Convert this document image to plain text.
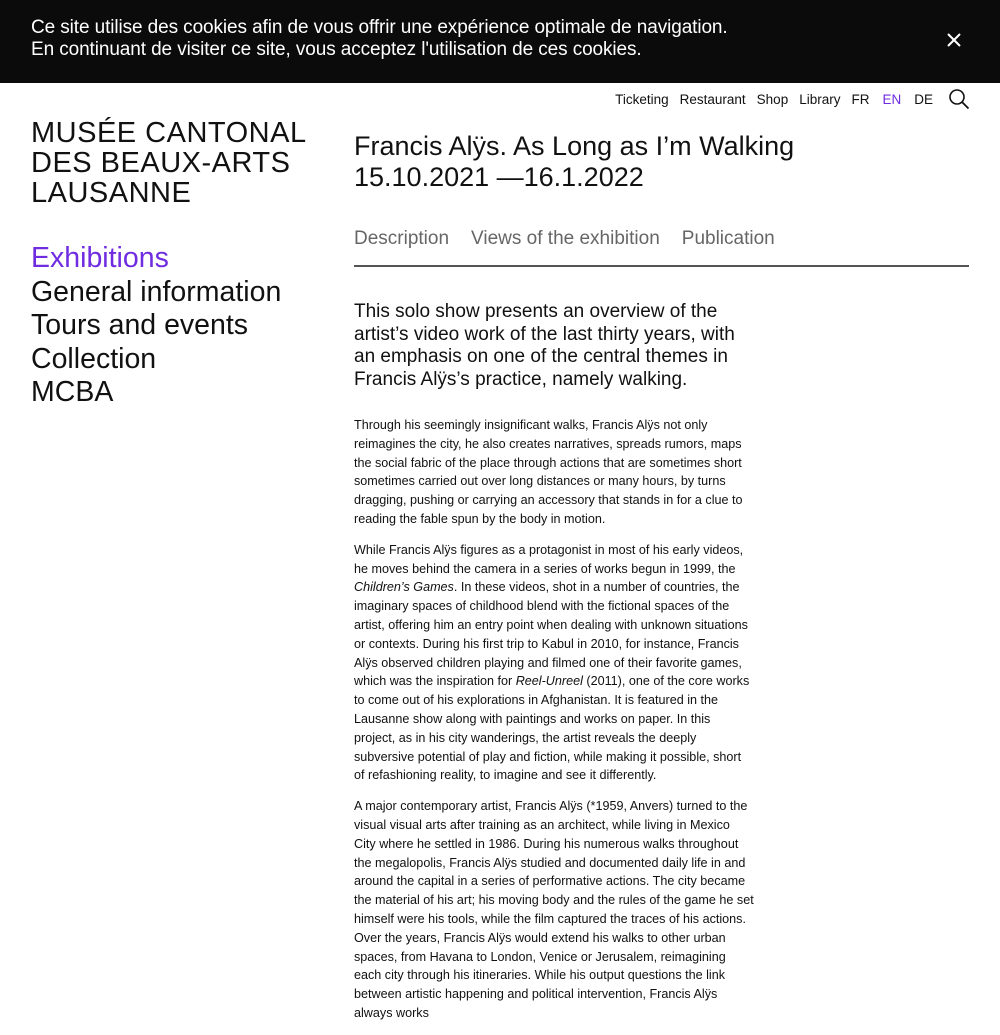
Ce site utilise des cookies afin de vous offrir une expérience optimale de navigation.
En continuant de visiter ce site, vous acceptez l'utilisation de ces cookies.
Ticketing Restaurant Shop Library FR EN DE
MUSÉE CANTONAL
DES BEAUX-ARTS
LAUSANNE
Exhibitions
General information
Tours and events
Collection
MCBA
Francis Alÿs. As Long as I’m Walking
15.10.2021 —16.1.2022
Description Views of the exhibition Publication

This solo show presents an overview of the artist’s video work of the last thirty years, with an emphasis on one of the central themes in Francis Alÿs’s practice, namely walking.

Through his seemingly insignificant walks, Francis Alÿs not only reimagines the city, he also creates narratives, spreads rumors, maps the social fabric of the place through actions that are sometimes short sometimes carried out over long distances or many hours, by turns dragging, pushing or carrying an accessory that stands in for a clue to reading the fable spun by the body in motion.

While Francis Alÿs figures as a protagonist in most of his early videos, he moves behind the camera in a series of works begun in 1999, the Children’s Games. In these videos, shot in a number of countries, the imaginary spaces of childhood blend with the fictional spaces of the artist, offering him an entry point when dealing with unknown situations or contexts. During his first trip to Kabul in 2010, for instance, Francis Alÿs observed children playing and filmed one of their favorite games, which was the inspiration for Reel-Unreel (2011), one of the core works to come out of his explorations in Afghanistan. It is featured in the Lausanne show along with paintings and works on paper. In this project, as in his city wanderings, the artist reveals the deeply subversive potential of play and fiction, while making it possible, short of refashioning reality, to imagine and see it differently.

A major contemporary artist, Francis Alÿs (*1959, Anvers) turned to the visual visual arts after training as an architect, while living in Mexico City where he settled in 1986. During his numerous walks throughout the megalopolis, Francis Alÿs studied and documented daily life in and around the capital in a series of performative actions. The city became the material of his art; his moving body and the rules of the game he set himself were his tools, while the film captured the traces of his actions. Over the years, Francis Alÿs would extend his walks to other urban spaces, from Havana to London, Venice or Jerusalem, reimagining each city through his itineraries. While his output questions the link between artistic happening and political intervention, Francis Alÿs always works
